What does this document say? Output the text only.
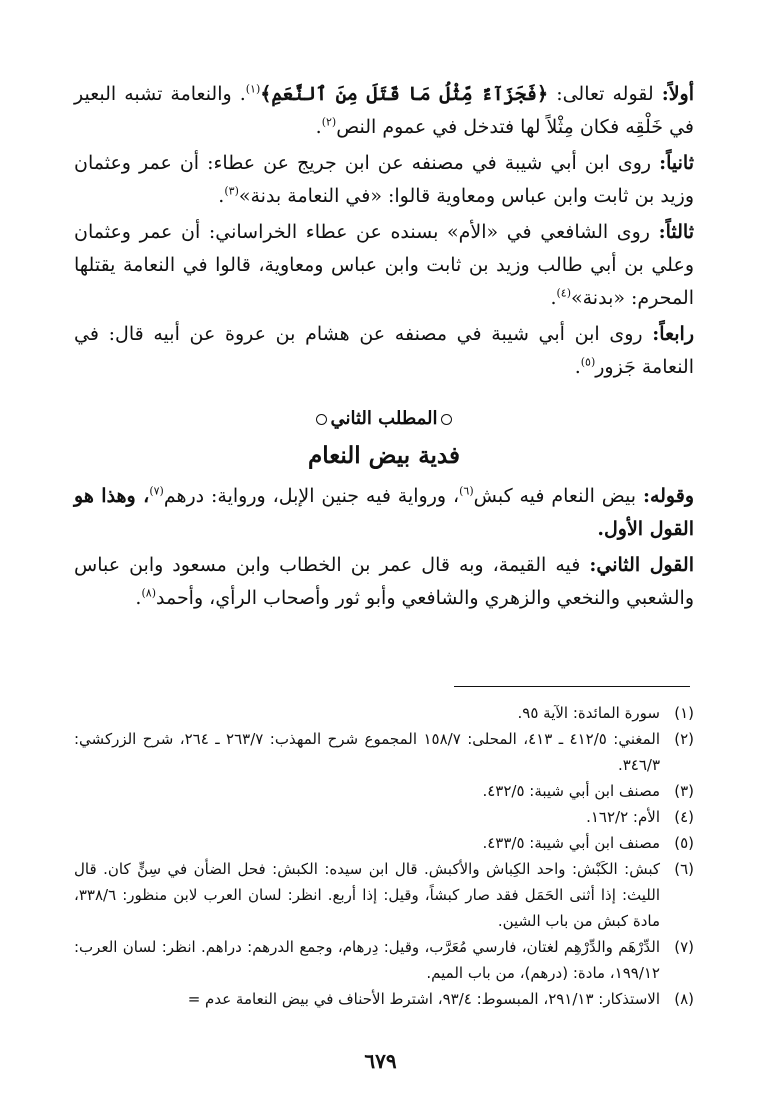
أولاً: لقوله تعالى: ﴿فَجَزَآءٌ مِّثْلُ مَا قَتَلَ مِنَ ٱلنَّعَمِ﴾$^{(١)}$. والنعامة تشبه البعير في خَلْقِه فكان مِثْلاً لها فتدخل في عموم النص$^{(٢)}$.

ثانياً: روى ابن أبي شيبة في مصنفه عن ابن جريج عن عطاء: أن عمر وعثمان وزيد بن ثابت وابن عباس ومعاوية قالوا: «في النعامة بدنة»$^{(٣)}$.

ثالثاً: روى الشافعي في «الأم» بسنده عن عطاء الخراساني: أن عمر وعثمان وعلي بن أبي طالب وزيد بن ثابت وابن عباس ومعاوية، قالوا في النعامة يقتلها المحرم: «بدنة»$^{(٤)}$.

رابعاً: روى ابن أبي شيبة في مصنفه عن هشام بن عروة عن أبيه قال: في النعامة جَزور$^{(٥)}$.

المطلب الثاني
فدية بيض النعام

وقوله: بيض النعام فيه كبش$^{(٦)}$، ورواية فيه جنين الإبل، ورواية: درهم$^{(٧)}$، وهذا هو القول الأول.

القول الثاني: فيه القيمة، وبه قال عمر بن الخطاب وابن مسعود وابن عباس والشعبي والنخعي والزهري والشافعي وأبو ثور وأصحاب الرأي، وأحمد$^{(٨)}$.

(١)
سورة المائدة: الآية ٩٥.
(٢)
المغني: ٤١٢/٥ ـ ٤١٣، المحلى: ١٥٨/٧ المجموع شرح المهذب: ٢٦٣/٧ ـ ٢٦٤، شرح الزركشي: ٣٤٦/٣.
(٣)
مصنف ابن أبي شيبة: ٤٣٢/٥.
(٤)
الأم: ١٦٢/٢.
(٥)
مصنف ابن أبي شيبة: ٤٣٣/٥.
(٦)
كبش: الكَبْش: واحد الكِباش والأكبش. قال ابن سيده: الكبش: فحل الضأن في سِنٍّ كان. قال الليث: إذا أثنى الحَمَل فقد صار كبشاً، وقيل: إذا أربع. انظر: لسان العرب لابن منظور: ٣٣٨/٦، مادة كبش من باب الشين.
(٧)
الدِّرْهَم والدِّرْهِم لغتان، فارسي مُعَرَّب، وقيل: دِرهام، وجمع الدرهم: دراهم. انظر: لسان العرب: ١٩٩/١٢، مادة: (درهم)، من باب الميم.
(٨)
الاستذكار: ٢٩١/١٣، المبسوط: ٩٣/٤، اشترط الأحناف في بيض النعامة عدم =
٦٧٩
